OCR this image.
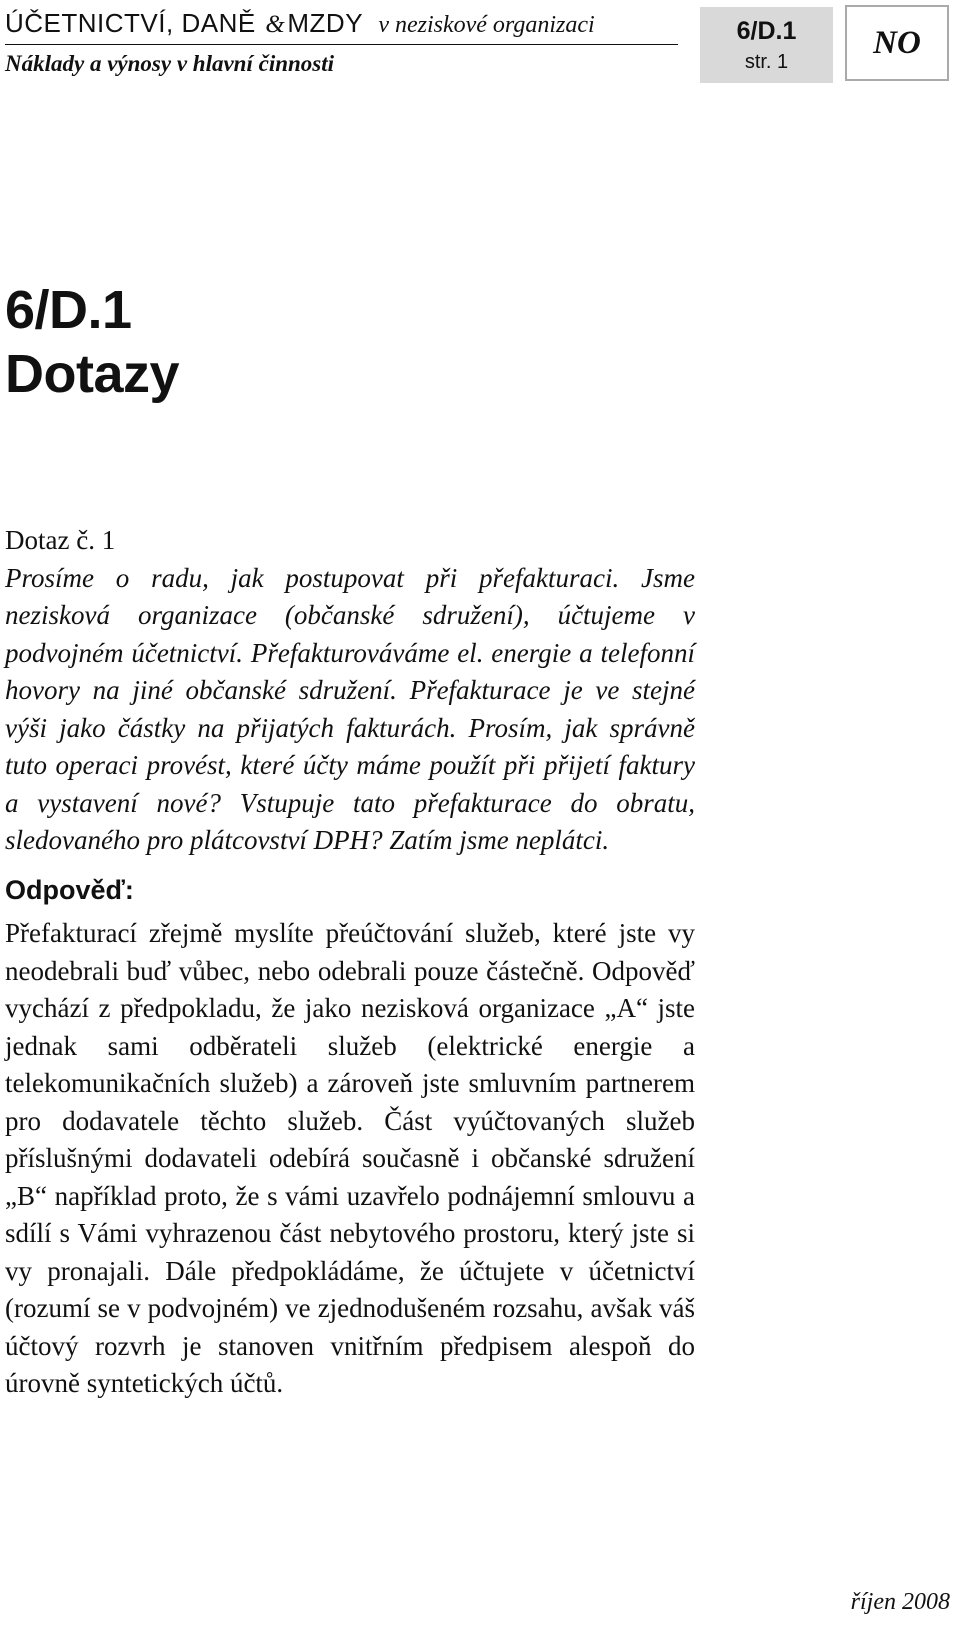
ÚČETNICTVÍ, DANĚ &MZDY v neziskové organizaci
Náklady a výnosy v hlavní činnosti
6/D.1
str. 1
NO
6/D.1
Dotazy

Dotaz č. 1

Prosíme o radu, jak postupovat při přefakturaci. Jsme nezisková organizace (občanské sdružení), účtujeme v podvojném účetnictví. Přefakturováváme el. energie a telefonní hovory na jiné občanské sdružení. Přefakturace je ve stejné výši jako částky na přijatých fakturách. Prosím, jak správně tuto operaci provést, které účty máme použít při přijetí faktury a vystavení nové? Vstupuje tato přefakturace do obratu, sledovaného pro plátcovství DPH? Zatím jsme neplátci.

Odpověď:

Přefakturací zřejmě myslíte přeúčtování služeb, které jste vy neodebrali buď vůbec, nebo odebrali pouze částečně. Odpověď vychází z předpokladu, že jako nezisková organizace „A“ jste jednak sami odběrateli služeb (elektrické energie a telekomunikačních služeb) a zároveň jste smluvním partnerem pro dodavatele těchto služeb. Část vyúčtovaných služeb příslušnými dodavateli odebírá současně i občanské sdružení „B“ například proto, že s vámi uzavřelo podnájemní smlouvu a sdílí s Vámi vyhrazenou část nebytového prostoru, který jste si vy pronajali. Dále předpokládáme, že účtujete v účetnictví (rozumí se v podvojném) ve zjednodušeném rozsahu, avšak váš účtový rozvrh je stanoven vnitřním předpisem alespoň do úrovně syntetických účtů.

říjen 2008
